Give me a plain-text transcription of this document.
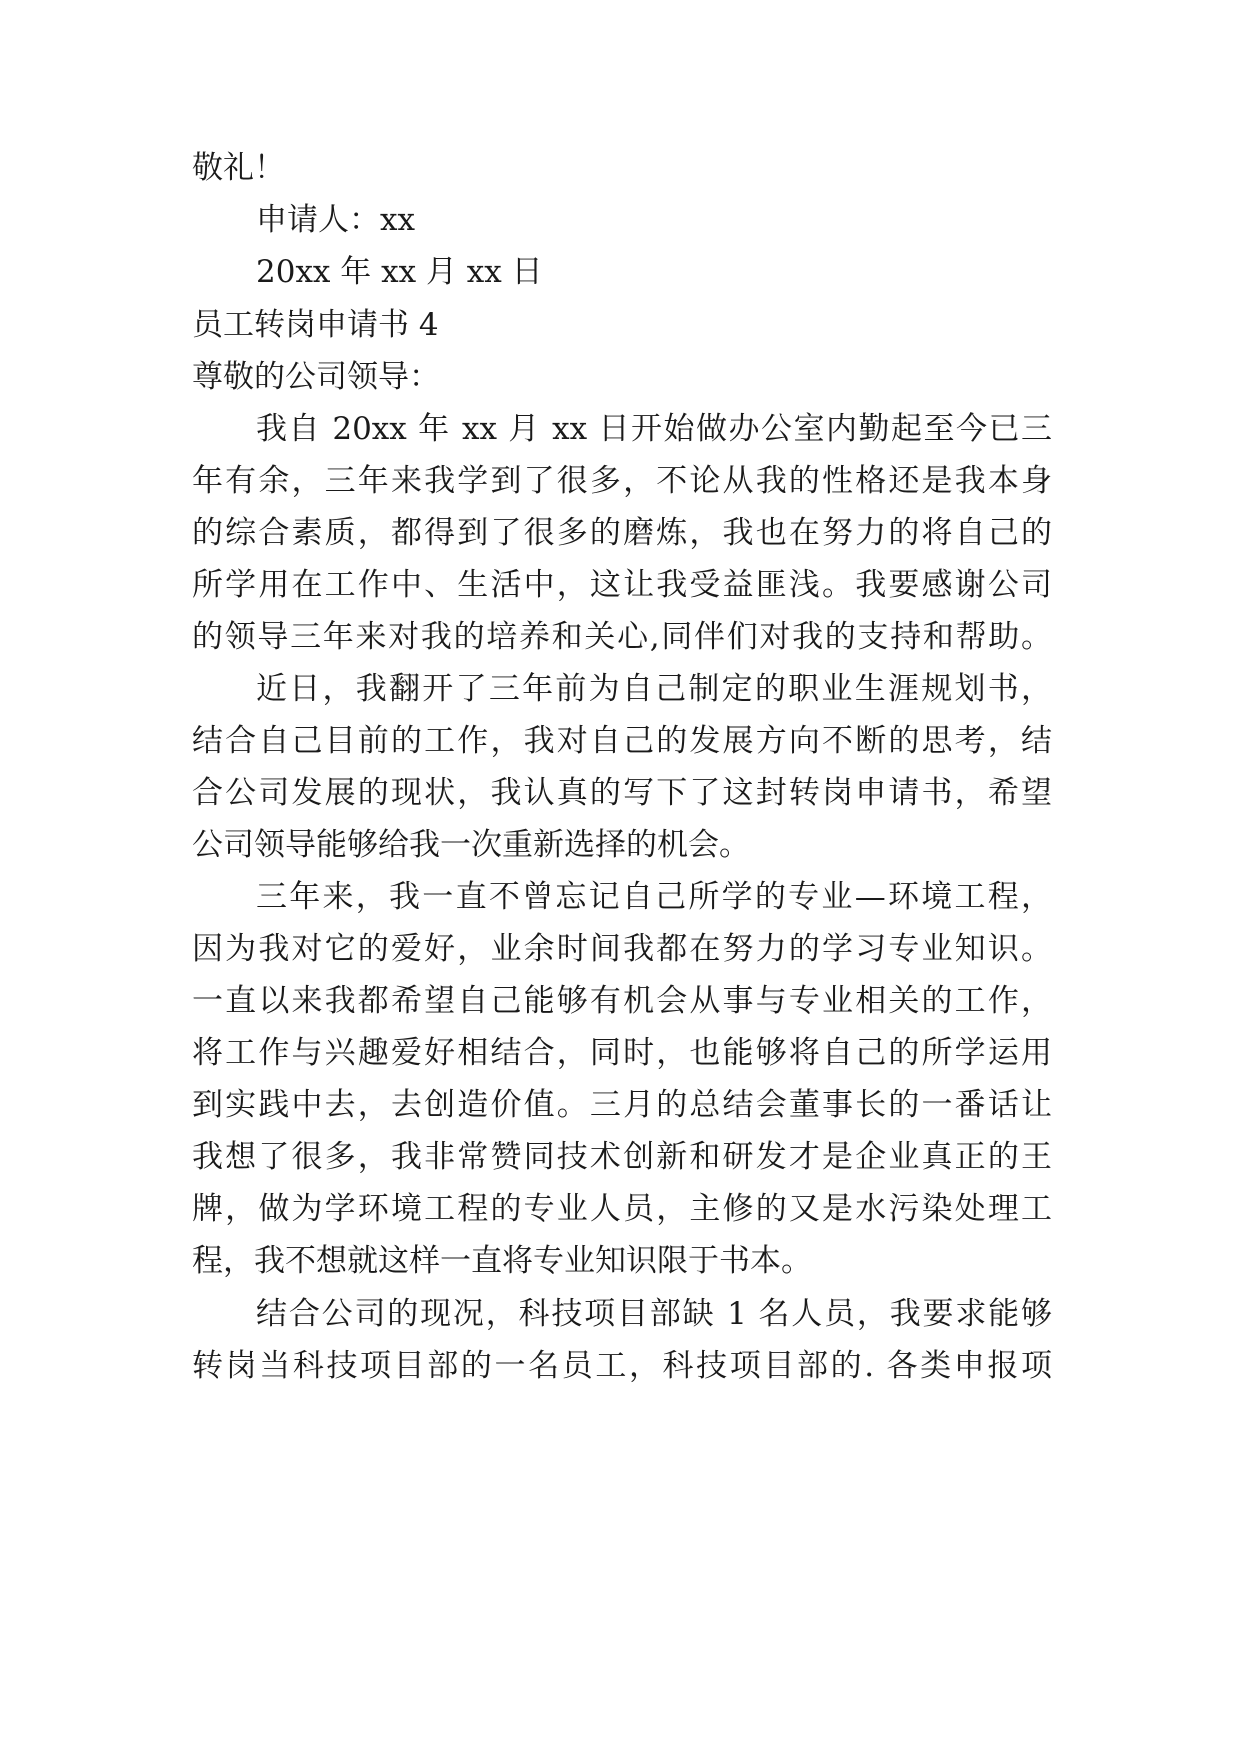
敬礼！
申请人：xx
20xx 年 xx 月 xx 日
员工转岗申请书 4
尊敬的公司领导：
我自 20xx 年 xx 月 xx 日开始做办公室内勤起至今已三
年有余，三年来我学到了很多，不论从我的性格还是我本身
的综合素质，都得到了很多的磨炼，我也在努力的将自己的
所学用在工作中、生活中，这让我受益匪浅。我要感谢公司
的领导三年来对我的培养和关心,同伴们对我的支持和帮助。
近日，我翻开了三年前为自己制定的职业生涯规划书，
结合自己目前的工作，我对自己的发展方向不断的思考，结
合公司发展的现状，我认真的写下了这封转岗申请书，希望
公司领导能够给我一次重新选择的机会。
三年来，我一直不曾忘记自己所学的专业—环境工程，
因为我对它的爱好，业余时间我都在努力的学习专业知识。
一直以来我都希望自己能够有机会从事与专业相关的工作，
将工作与兴趣爱好相结合，同时，也能够将自己的所学运用
到实践中去，去创造价值。三月的总结会董事长的一番话让
我想了很多，我非常赞同技术创新和研发才是企业真正的王
牌，做为学环境工程的专业人员，主修的又是水污染处理工
程，我不想就这样一直将专业知识限于书本。
结合公司的现况，科技项目部缺 1 名人员，我要求能够
转岗当科技项目部的一名员工，科技项目部的. 各类申报项
